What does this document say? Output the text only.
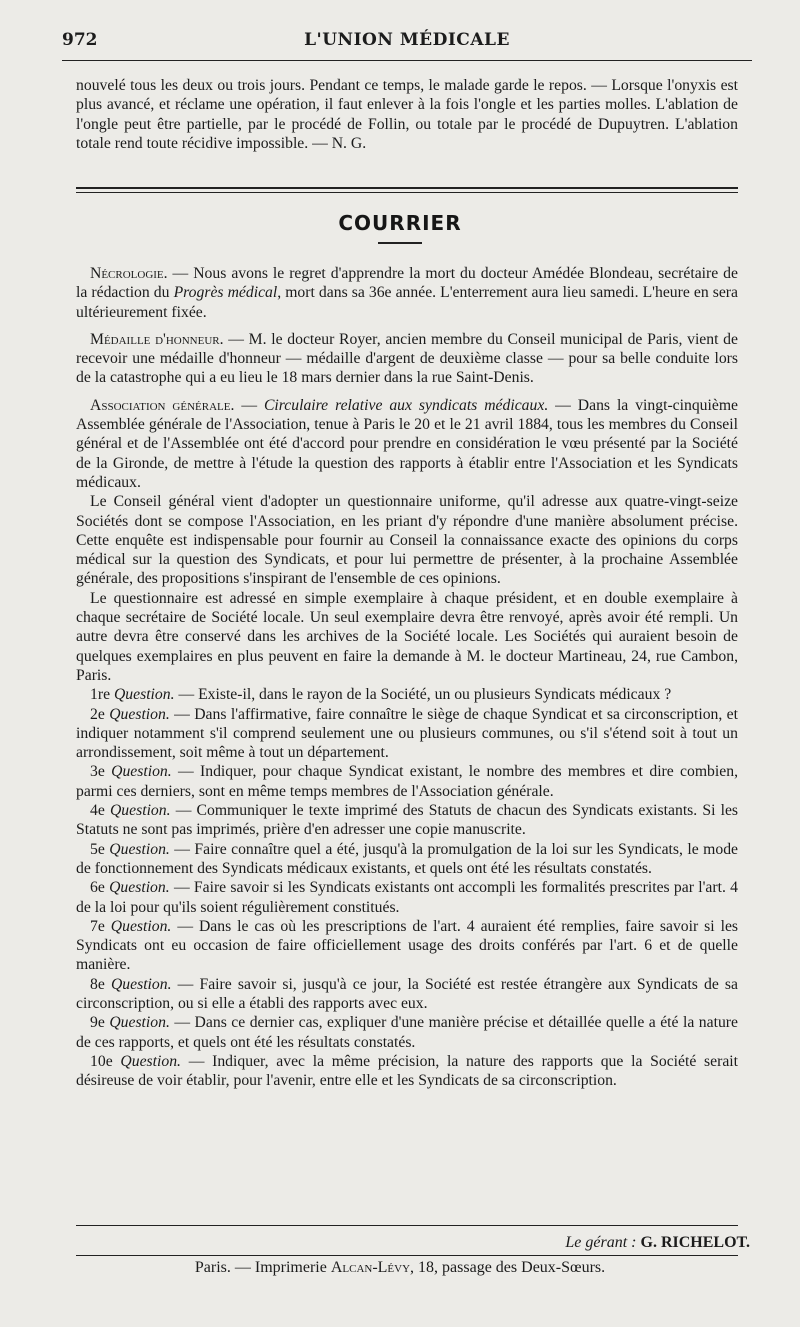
972	L'UNION MÉDICALE

nouvelé tous les deux ou trois jours. Pendant ce temps, le malade garde le repos. — Lorsque l'onyxis est plus avancé, et réclame une opération, il faut enlever à la fois l'ongle et les parties molles. L'ablation de l'ongle peut être partielle, par le procédé de Follin, ou totale par le procédé de Dupuytren. L'ablation totale rend toute récidive impossible. — N. G.

COURRIER

Nécrologie. — Nous avons le regret d'apprendre la mort du docteur Amédée Blondeau, secrétaire de la rédaction du Progrès médical, mort dans sa 36e année. L'enterrement aura lieu samedi. L'heure en sera ultérieurement fixée.

Médaille d'honneur. — M. le docteur Royer, ancien membre du Conseil municipal de Paris, vient de recevoir une médaille d'honneur — médaille d'argent de deuxième classe — pour sa belle conduite lors de la catastrophe qui a eu lieu le 18 mars dernier dans la rue Saint-Denis.

Association générale. — Circulaire relative aux syndicats médicaux. — Dans la vingt-cinquième Assemblée générale de l'Association, tenue à Paris le 20 et le 21 avril 1884, tous les membres du Conseil général et de l'Assemblée ont été d'accord pour prendre en considération le vœu présenté par la Société de la Gironde, de mettre à l'étude la question des rapports à établir entre l'Association et les Syndicats médicaux.

Le Conseil général vient d'adopter un questionnaire uniforme, qu'il adresse aux quatre-vingt-seize Sociétés dont se compose l'Association, en les priant d'y répondre d'une manière absolument précise. Cette enquête est indispensable pour fournir au Conseil la connaissance exacte des opinions du corps médical sur la question des Syndicats, et pour lui permettre de présenter, à la prochaine Assemblée générale, des propositions s'inspirant de l'ensemble de ces opinions.

Le questionnaire est adressé en simple exemplaire à chaque président, et en double exemplaire à chaque secrétaire de Société locale. Un seul exemplaire devra être renvoyé, après avoir été rempli. Un autre devra être conservé dans les archives de la Société locale. Les Sociétés qui auraient besoin de quelques exemplaires en plus peuvent en faire la demande à M. le docteur Martineau, 24, rue Cambon, Paris.

1re Question. — Existe-il, dans le rayon de la Société, un ou plusieurs Syndicats médicaux ?

2e Question. — Dans l'affirmative, faire connaître le siège de chaque Syndicat et sa circonscription, et indiquer notamment s'il comprend seulement une ou plusieurs communes, ou s'il s'étend soit à tout un arrondissement, soit même à tout un département.

3e Question. — Indiquer, pour chaque Syndicat existant, le nombre des membres et dire combien, parmi ces derniers, sont en même temps membres de l'Association générale.

4e Question. — Communiquer le texte imprimé des Statuts de chacun des Syndicats existants. Si les Statuts ne sont pas imprimés, prière d'en adresser une copie manuscrite.

5e Question. — Faire connaître quel a été, jusqu'à la promulgation de la loi sur les Syndicats, le mode de fonctionnement des Syndicats médicaux existants, et quels ont été les résultats constatés.

6e Question. — Faire savoir si les Syndicats existants ont accompli les formalités prescrites par l'art. 4 de la loi pour qu'ils soient régulièrement constitués.

7e Question. — Dans le cas où les prescriptions de l'art. 4 auraient été remplies, faire savoir si les Syndicats ont eu occasion de faire officiellement usage des droits conférés par l'art. 6 et de quelle manière.

8e Question. — Faire savoir si, jusqu'à ce jour, la Société est restée étrangère aux Syndicats de sa circonscription, ou si elle a établi des rapports avec eux.

9e Question. — Dans ce dernier cas, expliquer d'une manière précise et détaillée quelle a été la nature de ces rapports, et quels ont été les résultats constatés.

10e Question. — Indiquer, avec la même précision, la nature des rapports que la Société serait désireuse de voir établir, pour l'avenir, entre elle et les Syndicats de sa circonscription.

Le gérant : G. RICHELOT.
Paris. — Imprimerie Alcan-Lévy, 18, passage des Deux-Sœurs.
